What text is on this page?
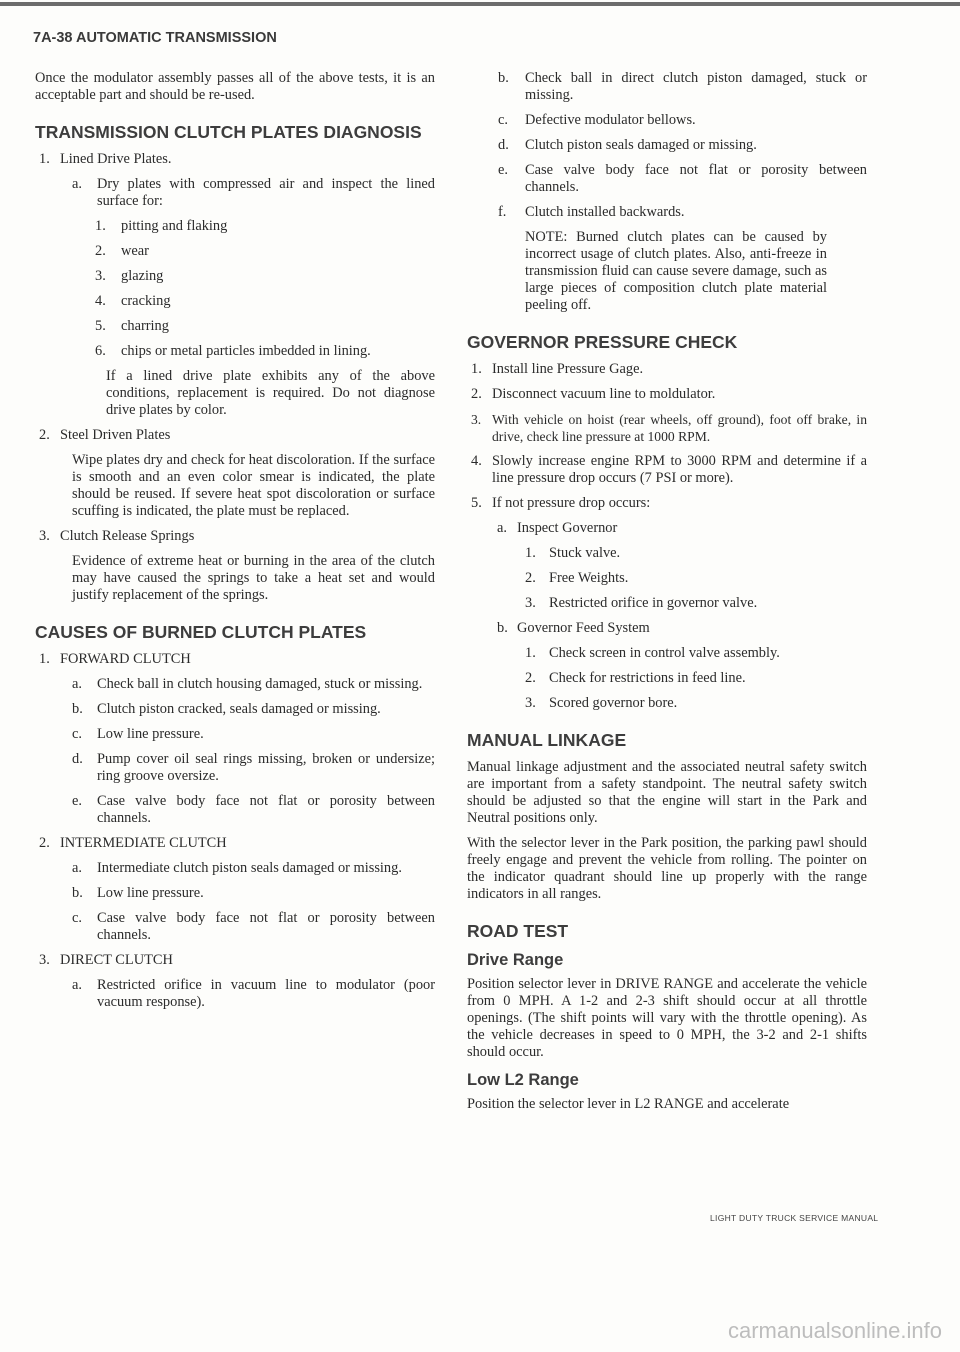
7A-38 AUTOMATIC TRANSMISSION

Once the modulator assembly passes all of the above tests, it is an acceptable part and should be re-used.

TRANSMISSION CLUTCH PLATES DIAGNOSIS
1. Lined Drive Plates.
a. Dry plates with compressed air and inspect the lined surface for:
1. pitting and flaking
2. wear
3. glazing
4. cracking
5. charring
6. chips or metal particles imbedded in lining.

If a lined drive plate exhibits any of the above conditions, replacement is required. Do not diagnose drive plates by color.

2. Steel Driven Plates

Wipe plates dry and check for heat discoloration. If the surface is smooth and an even color smear is indicated, the plate should be reused. If severe heat spot discoloration or surface scuffing is indicated, the plate must be replaced.

3. Clutch Release Springs

Evidence of extreme heat or burning in the area of the clutch may have caused the springs to take a heat set and would justify replacement of the springs.

CAUSES OF BURNED CLUTCH PLATES
1. FORWARD CLUTCH
a. Check ball in clutch housing damaged, stuck or missing.
b. Clutch piston cracked, seals damaged or missing.
c. Low line pressure.
d. Pump cover oil seal rings missing, broken or undersize; ring groove oversize.
e. Case valve body face not flat or porosity between channels.
2. INTERMEDIATE CLUTCH
a. Intermediate clutch piston seals damaged or missing.
b. Low line pressure.
c. Case valve body face not flat or porosity between channels.
3. DIRECT CLUTCH
a. Restricted orifice in vacuum line to modulator (poor vacuum response).
b. Check ball in direct clutch piston damaged, stuck or missing.
c. Defective modulator bellows.
d. Clutch piston seals damaged or missing.
e. Case valve body face not flat or porosity between channels.
f. Clutch installed backwards.

NOTE: Burned clutch plates can be caused by incorrect usage of clutch plates. Also, anti-freeze in transmission fluid can cause severe damage, such as large pieces of composition clutch plate material peeling off.

GOVERNOR PRESSURE CHECK
1. Install line Pressure Gage.
2. Disconnect vacuum line to moldulator.
3. With vehicle on hoist (rear wheels, off ground), foot off brake, in drive, check line pressure at 1000 RPM.
4. Slowly increase engine RPM to 3000 RPM and determine if a line pressure drop occurs (7 PSI or more).
5. If not pressure drop occurs:
a. Inspect Governor
1. Stuck valve.
2. Free Weights.
3. Restricted orifice in governor valve.
b. Governor Feed System
1. Check screen in control valve assembly.
2. Check for restrictions in feed line.
3. Scored governor bore.
MANUAL LINKAGE

Manual linkage adjustment and the associated neutral safety switch are important from a safety standpoint. The neutral safety switch should be adjusted so that the engine will start in the Park and Neutral positions only.

With the selector lever in the Park position, the parking pawl should freely engage and prevent the vehicle from rolling. The pointer on the indicator quadrant should line up properly with the range indicators in all ranges.

ROAD TEST
Drive Range

Position selector lever in DRIVE RANGE and accelerate the vehicle from 0 MPH. A 1-2 and 2-3 shift should occur at all throttle openings. (The shift points will vary with the throttle opening). As the vehicle decreases in speed to 0 MPH, the 3-2 and 2-1 shifts should occur.

Low L2 Range

Position the selector lever in L2 RANGE and accelerate

LIGHT DUTY TRUCK SERVICE MANUAL
carmanualsonline.info
